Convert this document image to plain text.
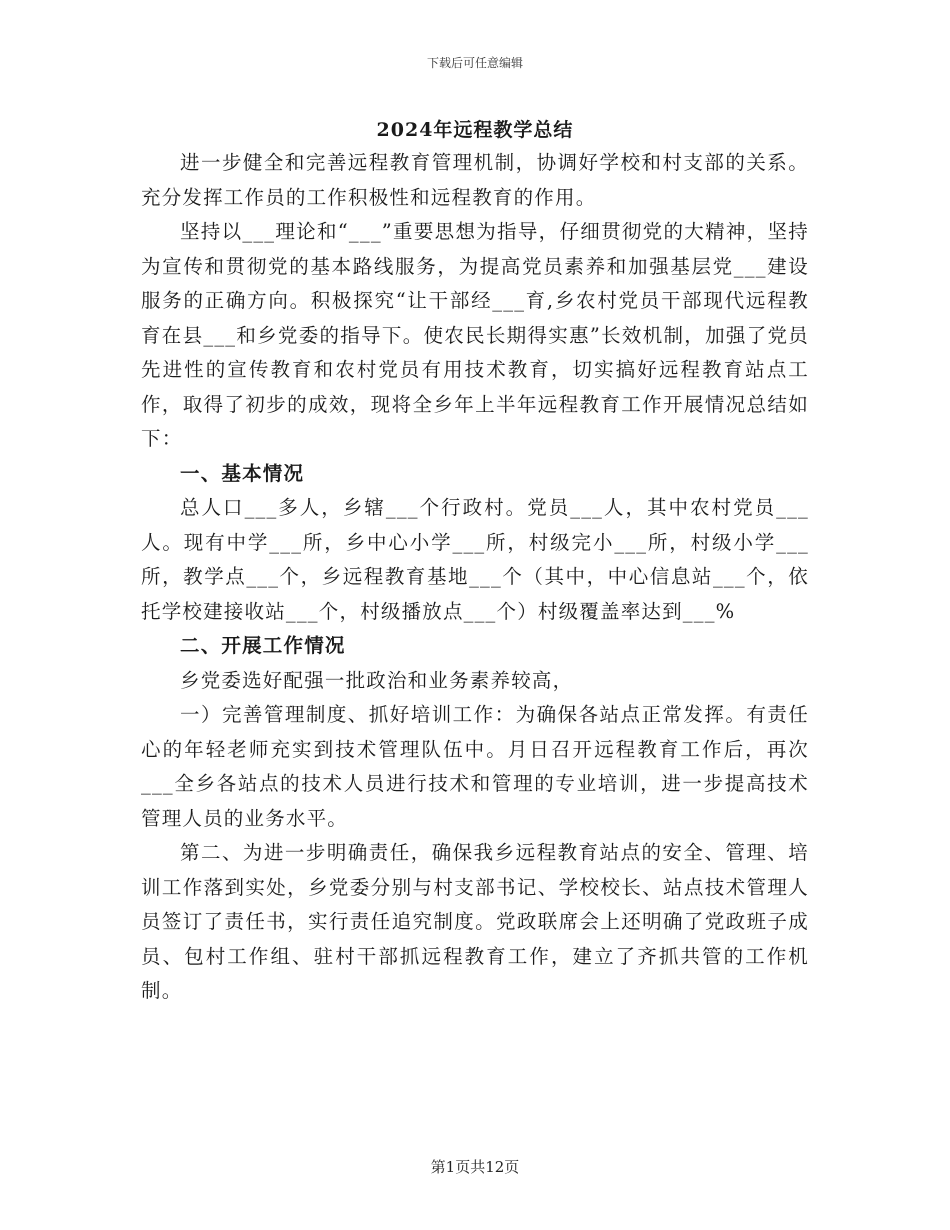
下载后可任意编辑
2024年远程教学总结

进一步健全和完善远程教育管理机制，协调好学校和村支部的关系。充分发挥工作员的工作积极性和远程教育的作用。

坚持以___理论和“___”重要思想为指导，仔细贯彻党的大精神，坚持为宣传和贯彻党的基本路线服务，为提高党员素养和加强基层党___建设服务的正确方向。积极探究“让干部经___育,乡农村党员干部现代远程教育在县___和乡党委的指导下。使农民长期得实惠”长效机制，加强了党员先进性的宣传教育和农村党员有用技术教育，切实搞好远程教育站点工作，取得了初步的成效，现将全乡年上半年远程教育工作开展情况总结如下：

一、基本情况

总人口___多人，乡辖___个行政村。党员___人，其中农村党员___人。现有中学___所，乡中心小学___所，村级完小___所，村级小学___所，教学点___个，乡远程教育基地___个（其中，中心信息站___个，依托学校建接收站___个，村级播放点___个）村级覆盖率达到___%

二、开展工作情况

乡党委选好配强一批政治和业务素养较高，

一）完善管理制度、抓好培训工作：为确保各站点正常发挥。有责任心的年轻老师充实到技术管理队伍中。月日召开远程教育工作后，再次___全乡各站点的技术人员进行技术和管理的专业培训，进一步提高技术管理人员的业务水平。

第二、为进一步明确责任，确保我乡远程教育站点的安全、管理、培训工作落到实处，乡党委分别与村支部书记、学校校长、站点技术管理人员签订了责任书，实行责任追究制度。党政联席会上还明确了党政班子成员、包村工作组、驻村干部抓远程教育工作，建立了齐抓共管的工作机制。

第1页共12页
